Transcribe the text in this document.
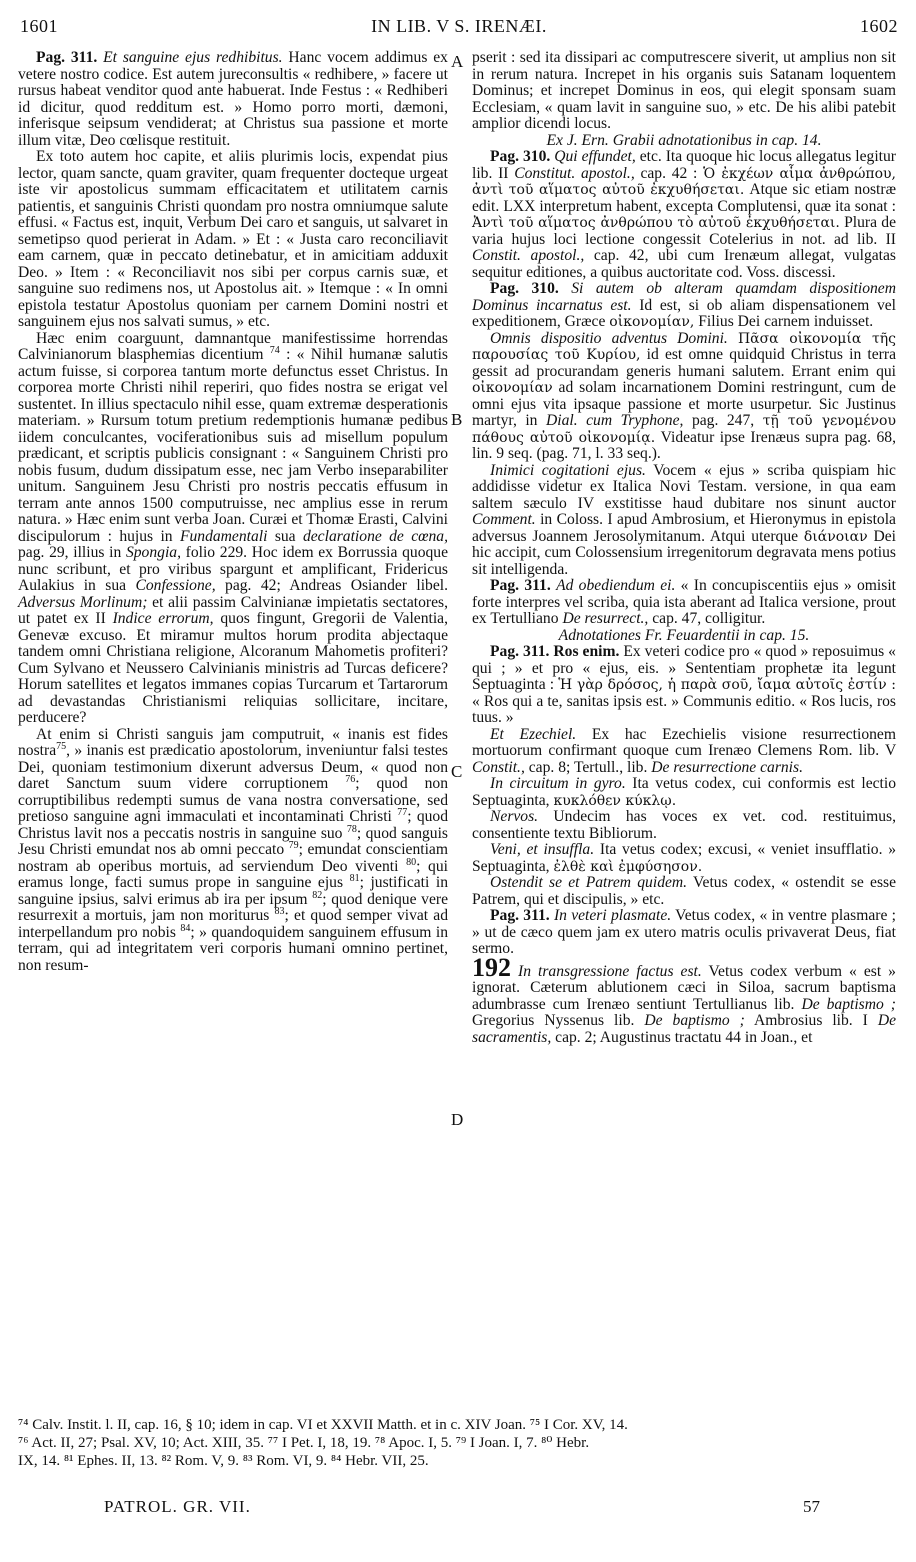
1601	IN LIB. V S. IRENÆI.	1602

Pag. 311. Et sanguine ejus redhibitus. Hanc vocem addimus ex vetere nostro codice. Est autem jureconsultis « redhibere, » facere ut rursus habeat venditor quod ante habuerat. Inde Festus : « Redhiberi id dicitur, quod redditum est. » Homo porro morti, dæmoni, inferisque seipsum vendiderat; at Christus sua passione et morte illum vitæ, Deo cœlisque restituit.

Ex toto autem hoc capite, et aliis plurimis locis, expendat pius lector, quam sancte, quam graviter, quam frequenter docteque urgeat iste vir apostolicus summam efficacitatem et utilitatem carnis patientis, et sanguinis Christi quondam pro nostra omniumque salute effusi. « Factus est, inquit, Verbum Dei caro et sanguis, ut salvaret in semetipso quod perierat in Adam. » Et : « Justa caro reconciliavit eam carnem, quæ in peccato detinebatur, et in amicitiam adduxit Deo. » Item : « Reconciliavit nos sibi per corpus carnis suæ, et sanguine suo redimens nos, ut Apostolus ait. » Itemque : « In omni epistola testatur Apostolus quoniam per carnem Domini nostri et sanguinem ejus nos salvati sumus, » etc.

Hæc enim coarguunt, damnantque manifestissime horrendas Calvinianorum blasphemias dicentium $^{74}$ : « Nihil humanæ salutis actum fuisse, si corporea tantum morte defunctus esset Christus. In corporea morte Christi nihil reperiri, quo fides nostra se erigat vel sustentet. In illius spectaculo nihil esse, quam extremæ desperationis materiam. » Rursum totum pretium redemptionis humanæ pedibus iidem conculcantes, vociferationibus suis ad misellum populum prædicant, et scriptis publicis consignant : « Sanguinem Christi pro nobis fusum, dudum dissipatum esse, nec jam Verbo inseparabiliter unitum. Sanguinem Jesu Christi pro nostris peccatis effusum in terram ante annos 1500 computruisse, nec amplius esse in rerum natura. » Hæc enim sunt verba Joan. Curæi et Thomæ Erasti, Calvini discipulorum : hujus in Fundamentali sua declaratione de cœna, pag. 29, illius in Spongia, folio 229. Hoc idem ex Borrussia quoque nunc scribunt, et pro viribus spargunt et amplificant, Fridericus Aulakius in sua Confessione, pag. 42; Andreas Osiander libel. Adversus Morlinum; et alii passim Calvinianæ impietatis sectatores, ut patet ex II Indice errorum, quos fingunt, Gregorii de Valentia, Genevæ excuso. Et miramur multos horum prodita abjectaque tandem omni Christiana religione, Alcoranum Mahometis profiteri? Cum Sylvano et Neussero Calvinianis ministris ad Turcas deficere? Horum satellites et legatos immanes copias Turcarum et Tartarorum ad devastandas Christianismi reliquias sollicitare, incitare, perducere?

At enim si Christi sanguis jam computruit, « inanis est fides nostra$^{75}$, » inanis est prædicatio apostolorum, inveniuntur falsi testes Dei, quoniam testimonium dixerunt adversus Deum, « quod non daret Sanctum suum videre corruptionem $^{76}$; quod non corruptibilibus redempti sumus de vana nostra conversatione, sed pretioso sanguine agni immaculati et incontaminati Christi $^{77}$; quod Christus lavit nos a peccatis nostris in sanguine suo $^{78}$; quod sanguis Jesu Christi emundat nos ab omni peccato $^{79}$; emundat conscientiam nostram ab operibus mortuis, ad serviendum Deo viventi $^{80}$; qui eramus longe, facti sumus prope in sanguine ejus $^{81}$; justificati in sanguine ipsius, salvi erimus ab ira per ipsum $^{82}$; quod denique vere resurrexit a mortuis, jam non moriturus $^{83}$; et quod semper vivat ad interpellandum pro nobis $^{84}$; » quandoquidem sanguinem effusum in terram, qui ad integritatem veri corporis humani omnino pertinet, non resum-

A
B
C
D

pserit : sed ita dissipari ac computrescere siverit, ut amplius non sit in rerum natura. Increpet in his organis suis Satanam loquentem Dominus; et increpet Dominus in eos, qui elegit sponsam suam Ecclesiam, « quam lavit in sanguine suo, » etc. De his alibi patebit amplior dicendi locus.

Ex J. Ern. Grabii adnotationibus in cap. 14.

Pag. 310. Qui effundet, etc. Ita quoque hic locus allegatus legitur lib. II Constitut. apostol., cap. 42 : Ὁ ἐκχέων αἷμα ἀνθρώπου, ἀντὶ τοῦ αἵματος αὐτοῦ ἐκχυθήσεται. Atque sic etiam nostræ edit. LXX interpretum habent, excepta Complutensi, quæ ita sonat : Ἀντὶ τοῦ αἵματος ἀνθρώπου τὸ αὐτοῦ ἐκχυθήσεται. Plura de varia hujus loci lectione congessit Cotelerius in not. ad lib. II Constit. apostol., cap. 42, ubi cum Irenæum allegat, vulgatas sequitur editiones, a quibus auctoritate cod. Voss. discessi.

Pag. 310. Si autem ob alteram quamdam dispositionem Dominus incarnatus est. Id est, si ob aliam dispensationem vel expeditionem, Græce οἰκονομίαν, Filius Dei carnem induisset.

Omnis dispositio adventus Domini. Πᾶσα οἰκονομία τῆς παρουσίας τοῦ Κυρίου, id est omne quidquid Christus in terra gessit ad procurandam generis humani salutem. Errant enim qui οἰκονομίαν ad solam incarnationem Domini restringunt, cum de omni ejus vita ipsaque passione et morte usurpetur. Sic Justinus martyr, in Dial. cum Tryphone, pag. 247, τῇ τοῦ γενομένου πάθους αὐτοῦ οἰκονομίᾳ. Videatur ipse Irenæus supra pag. 68, lin. 9 seq. (pag. 71, l. 33 seq.).

Inimici cogitationi ejus. Vocem « ejus » scriba quispiam hic addidisse videtur ex Italica Novi Testam. versione, in qua eam saltem sæculo IV exstitisse haud dubitare nos sinunt auctor Comment. in Coloss. I apud Ambrosium, et Hieronymus in epistola adversus Joannem Jerosolymitanum. Atqui uterque διάνοιαν Dei hic accipit, cum Colossensium irregenitorum degravata mens potius sit intelligenda.

Pag. 311. Ad obediendum ei. « In concupiscentiis ejus » omisit forte interpres vel scriba, quia ista aberant ad Italica versione, prout ex Tertulliano De resurrect., cap. 47, colligitur.

Adnotationes Fr. Feuardentii in cap. 15.

Pag. 311. Ros enim. Ex veteri codice pro « quod » reposuimus « qui ; » et pro « ejus, eis. » Sententiam prophetæ ita legunt Septuaginta : Ἡ γὰρ δρόσος, ἡ παρὰ σοῦ, ἴαμα αὐτοῖς ἐστίν : « Ros qui a te, sanitas ipsis est. » Communis editio. « Ros lucis, ros tuus. »

Et Ezechiel. Ex hac Ezechielis visione resurrectionem mortuorum confirmant quoque cum Irenæo Clemens Rom. lib. V Constit., cap. 8; Tertull., lib. De resurrectione carnis.

In circuitum in gyro. Ita vetus codex, cui conformis est lectio Septuaginta, κυκλόθεν κύκλῳ.

Nervos. Undecim has voces ex vet. cod. restituimus, consentiente textu Bibliorum.

Veni, et insuffla. Ita vetus codex; excusi, « veniet insufflatio. » Septuaginta, ἐλθὲ καὶ ἐμφύσησον.

Ostendit se et Patrem quidem. Vetus codex, « ostendit se esse Patrem, qui et discipulis, » etc.

Pag. 311. In veteri plasmate. Vetus codex, « in ventre plasmare ; » ut de cæco quem jam ex utero matris oculis privaverat Deus, fiat sermo.

192 In transgressione factus est. Vetus codex verbum « est » ignorat. Cæterum ablutionem cæci in Siloa, sacrum baptisma adumbrasse cum Irenæo sentiunt Tertullianus lib. De baptismo ; Gregorius Nyssenus lib. De baptismo ; Ambrosius lib. I De sacramentis, cap. 2; Augustinus tractatu 44 in Joan., et

⁷⁴ Calv. Instit. l. II, cap. 16, § 10; idem in cap. VI et XXVII Matth. et in c. XIV Joan. ⁷⁵ I Cor. XV, 14.

⁷⁶ Act. II, 27; Psal. XV, 10; Act. XIII, 35. ⁷⁷ I Pet. I, 18, 19. ⁷⁸ Apoc. I, 5. ⁷⁹ I Joan. I, 7. ⁸⁰ Hebr.

IX, 14. ⁸¹ Ephes. II, 13. ⁸² Rom. V, 9. ⁸³ Rom. VI, 9. ⁸⁴ Hebr. VII, 25.

PATROL. GR. VII.	57
